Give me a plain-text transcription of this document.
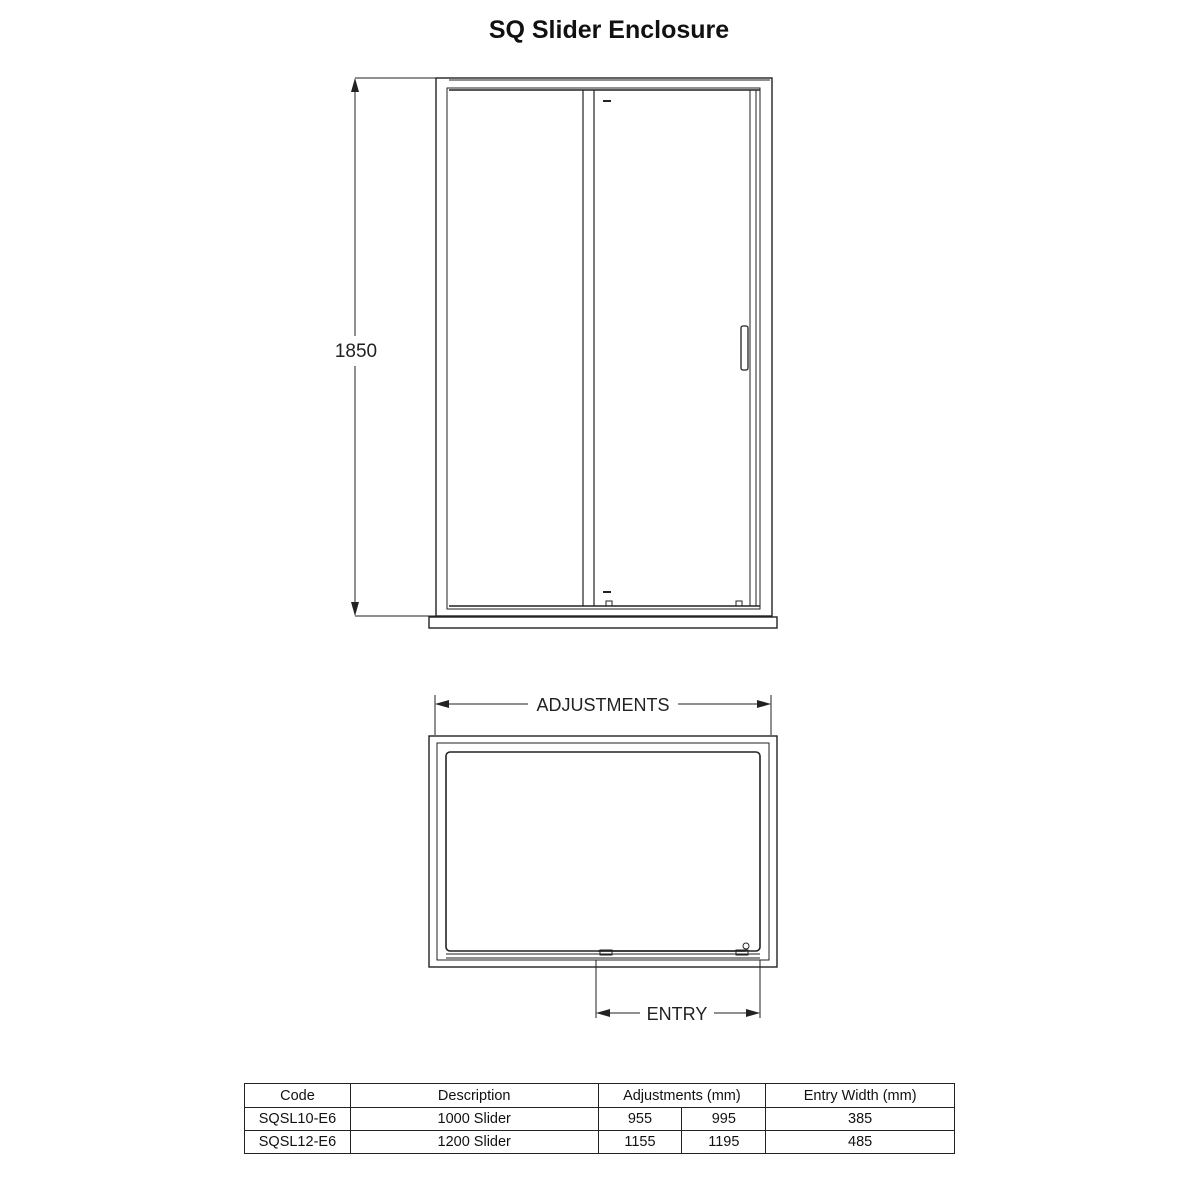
SQ Slider Enclosure
1850
ADJUSTMENTS
ENTRY
Code	Description	Adjustments (mm)		Entry Width (mm)
SQSL10-E6	1000 Slider	955	995	385
SQSL12-E6	1200 Slider	1155	1195	485
